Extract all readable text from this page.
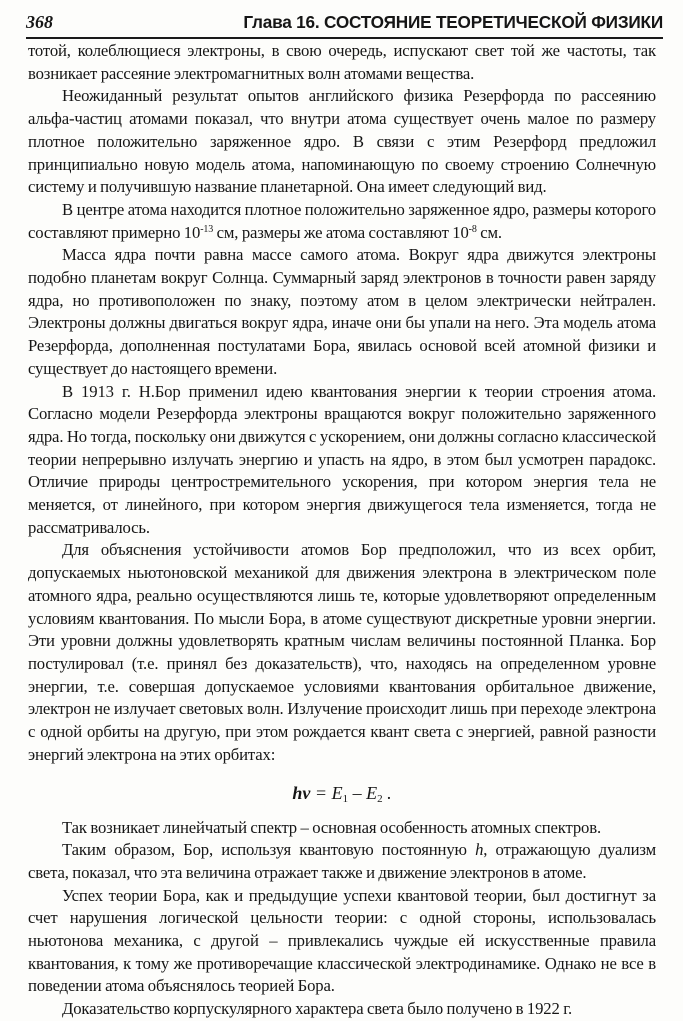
368	Глава 16. СОСТОЯНИЕ ТЕОРЕТИЧЕСКОЙ ФИЗИКИ

тотой, колеблющиеся электроны, в свою очередь, испускают свет той же частоты, так возникает рассеяние электромагнитных волн атомами вещества.

Неожиданный результат опытов английского физика Резерфорда по рассеянию альфа-частиц атомами показал, что внутри атома существует очень малое по размеру плотное положительно заряженное ядро. В связи с этим Резерфорд предложил принципиально новую модель атома, напоминающую по своему строению Солнечную систему и получившую название планетарной. Она имеет следующий вид.

В центре атома находится плотное положительно заряженное ядро, размеры которого составляют примерно $10^{-13}$ см, размеры же атома составляют $10^{-8}$ см.

Масса ядра почти равна массе самого атома. Вокруг ядра движутся электроны подобно планетам вокруг Солнца. Суммарный заряд электронов в точности равен заряду ядра, но противоположен по знаку, поэтому атом в целом электрически нейтрален. Электроны должны двигаться вокруг ядра, иначе они бы упали на него. Эта модель атома Резерфорда, дополненная постулатами Бора, явилась основой всей атомной физики и существует до настоящего времени.

В 1913 г. Н.Бор применил идею квантования энергии к теории строения атома. Согласно модели Резерфорда электроны вращаются вокруг положительно заряженного ядра. Но тогда, поскольку они движутся с ускорением, они должны согласно классической теории непрерывно излучать энергию и упасть на ядро, в этом был усмотрен парадокс. Отличие природы центростремительного ускорения, при котором энергия тела не меняется, от линейного, при котором энергия движущегося тела изменяется, тогда не рассматривалось.

Для объяснения устойчивости атомов Бор предположил, что из всех орбит, допускаемых ньютоновской механикой для движения электрона в электрическом поле атомного ядра, реально осуществляются лишь те, которые удовлетворяют определенным условиям квантования. По мысли Бора, в атоме существуют дискретные уровни энергии. Эти уровни должны удовлетворять кратным числам величины постоянной Планка. Бор постулировал (т.е. принял без доказательств), что, находясь на определенном уровне энергии, т.е. совершая допускаемое условиями квантования орбитальное движение, электрон не излучает световых волн. Излучение происходит лишь при переходе электрона с одной орбиты на другую, при этом рождается квант света с энергией, равной разности энергий электрона на этих орбитах:

$h\nu = E_1 - E_2$ .

Так возникает линейчатый спектр – основная особенность атомных спектров.

Таким образом, Бор, используя квантовую постоянную h, отражающую дуализм света, показал, что эта величина отражает также и движение электронов в атоме.

Успех теории Бора, как и предыдущие успехи квантовой теории, был достигнут за счет нарушения логической цельности теории: с одной стороны, использовалась ньютонова механика, с другой – привлекались чуждые ей искусственные правила квантования, к тому же противоречащие классической электродинамике. Однако не все в поведении атома объяснялось теорией Бора.

Доказательство корпускулярного характера света было получено в 1922 г.
